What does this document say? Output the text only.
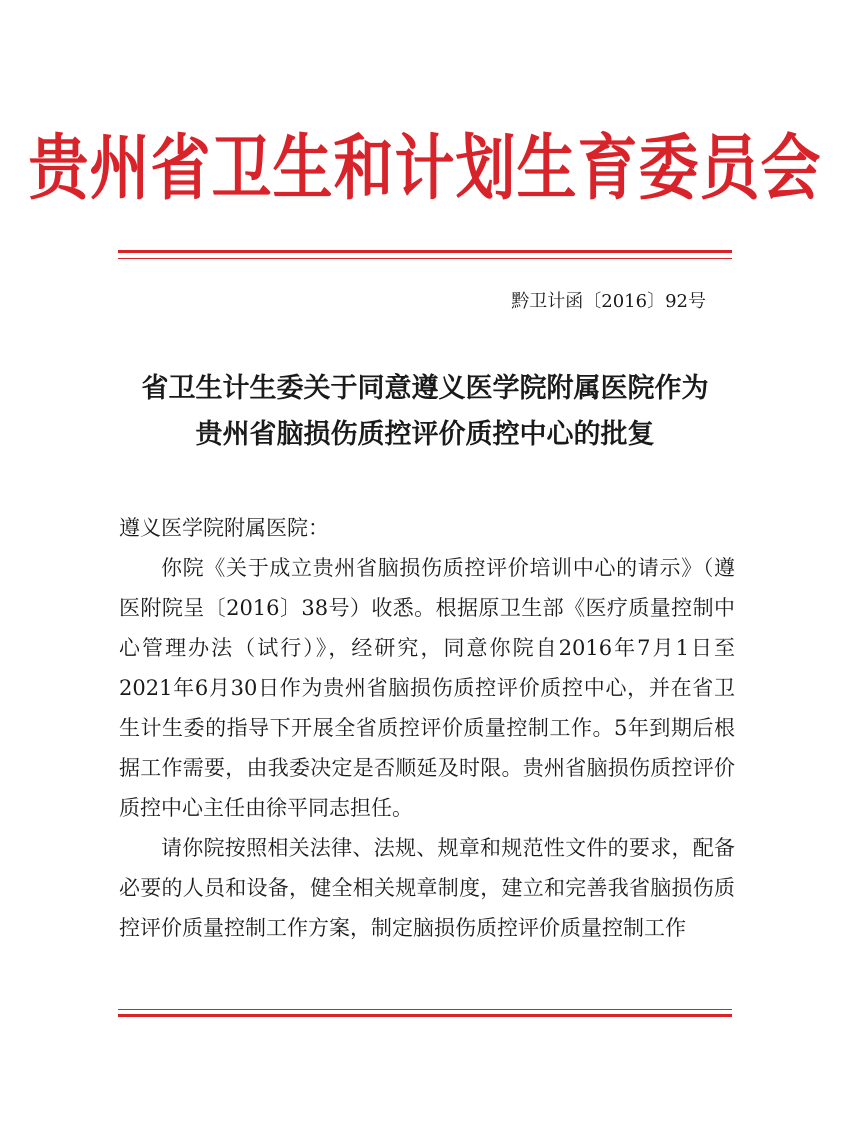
贵州省卫生和计划生育委员会
黔卫计函〔2016〕92号
省卫生计生委关于同意遵义医学院附属医院作为
贵州省脑损伤质控评价质控中心的批复

遵义医学院附属医院：

你院《关于成立贵州省脑损伤质控评价培训中心的请示》（遵医附院呈〔2016〕38号）收悉。根据原卫生部《医疗质量控制中心管理办法（试行）》，经研究，同意你院自2016年7月1日至2021年6月30日作为贵州省脑损伤质控评价质控中心，并在省卫生计生委的指导下开展全省质控评价质量控制工作。5年到期后根据工作需要，由我委决定是否顺延及时限。贵州省脑损伤质控评价质控中心主任由徐平同志担任。

请你院按照相关法律、法规、规章和规范性文件的要求，配备必要的人员和设备，健全相关规章制度，建立和完善我省脑损伤质控评价质量控制工作方案，制定脑损伤质控评价质量控制工作
